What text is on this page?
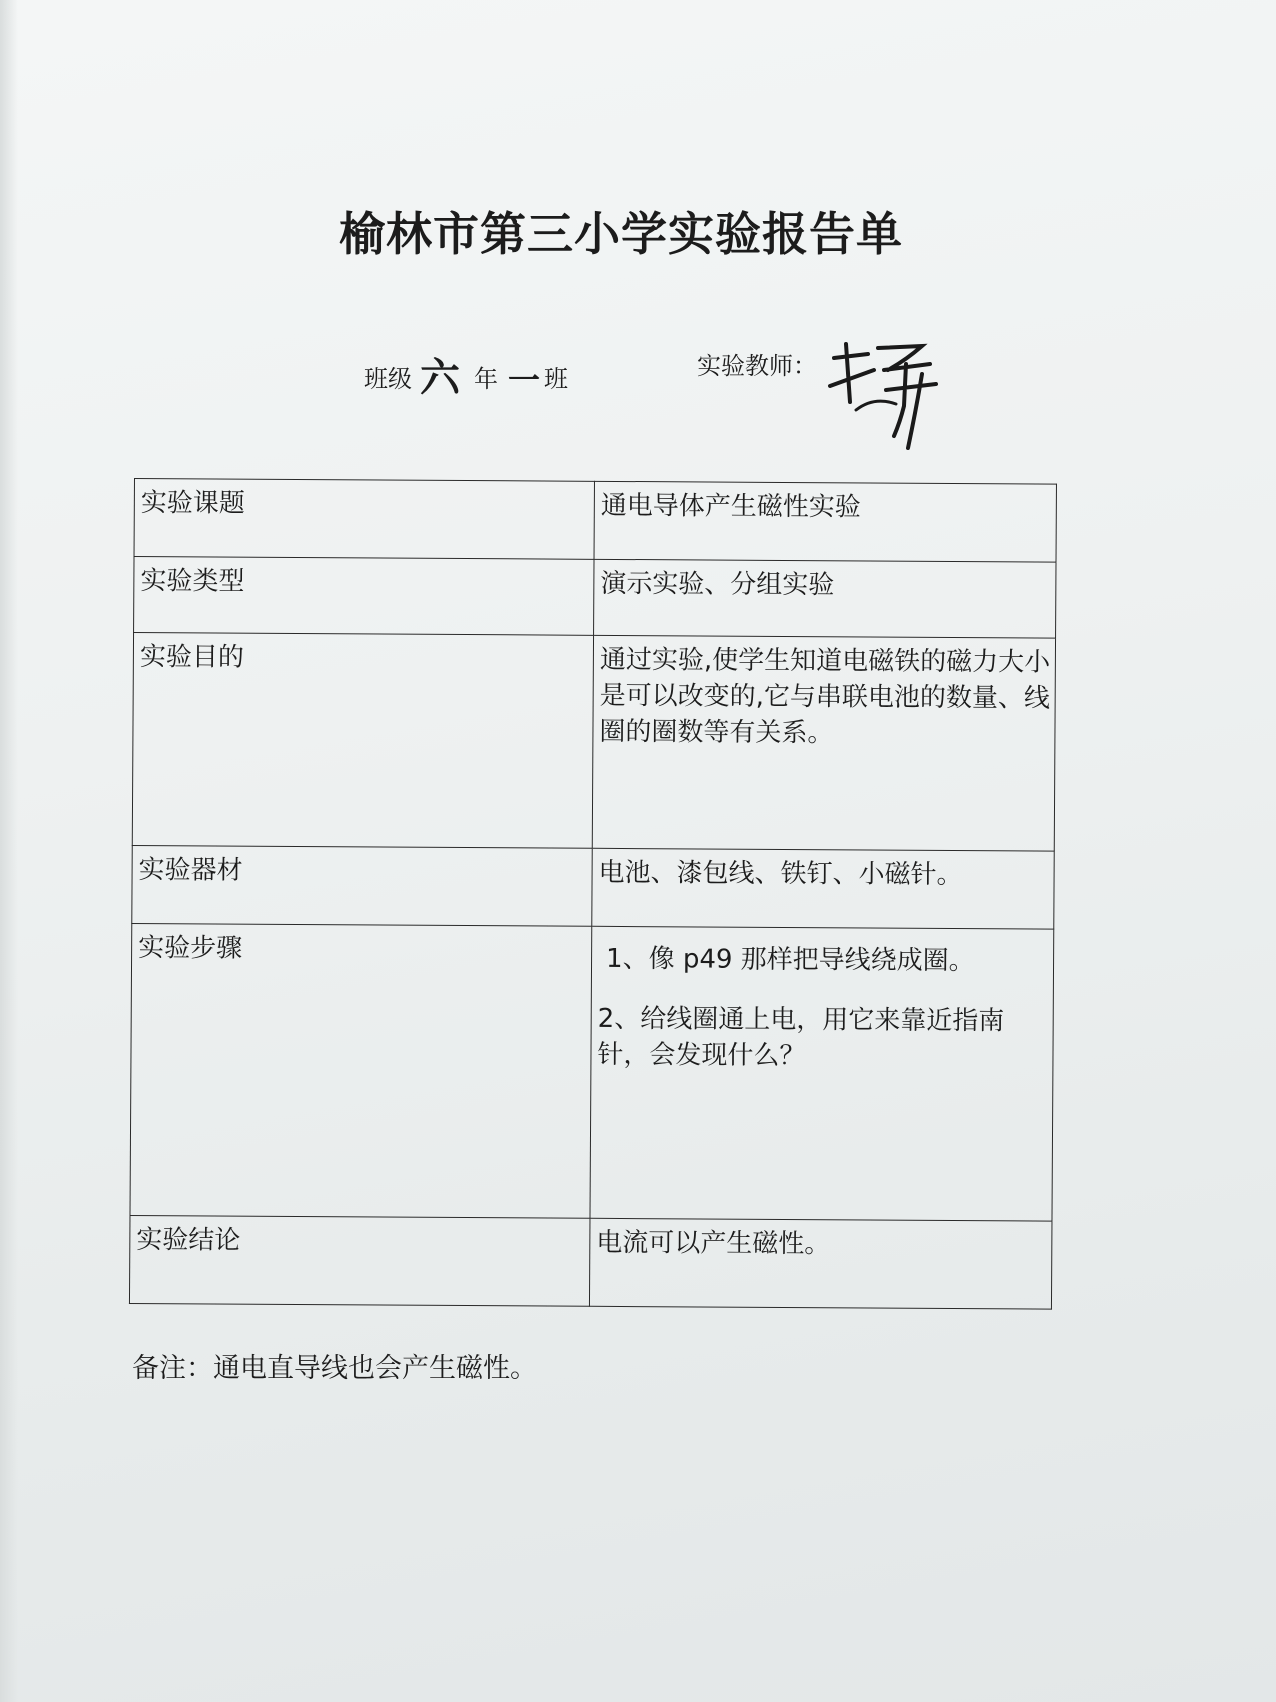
榆林市第三小学实验报告单
班级 六 年 一 班	实验教师：
实验课题	通电导体产生磁性实验
实验类型	演示实验、分组实验
实验目的	通过实验,使学生知道电磁铁的磁力大小是可以改变的,它与串联电池的数量、线圈的圈数等有关系。
实验器材	电池、漆包线、铁钉、小磁针。
实验步骤	1、像 p49 那样把导线绕成圈。

2、给线圈通上电，用它来靠近指南针，会发现什么？

实验结论	电流可以产生磁性。
备注：通电直导线也会产生磁性。
